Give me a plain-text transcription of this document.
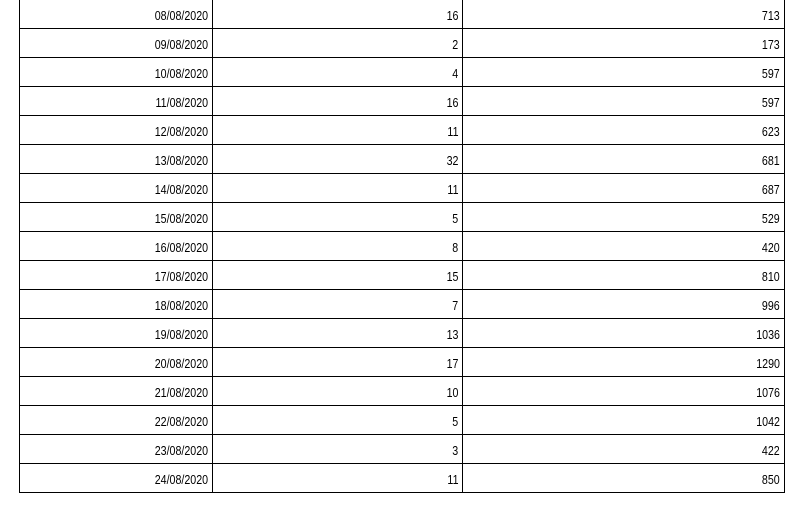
08/08/2020	16	713
09/08/2020	2	173
10/08/2020	4	597
11/08/2020	16	597
12/08/2020	11	623
13/08/2020	32	681
14/08/2020	11	687
15/08/2020	5	529
16/08/2020	8	420
17/08/2020	15	810
18/08/2020	7	996
19/08/2020	13	1036
20/08/2020	17	1290
21/08/2020	10	1076
22/08/2020	5	1042
23/08/2020	3	422
24/08/2020	11	850
